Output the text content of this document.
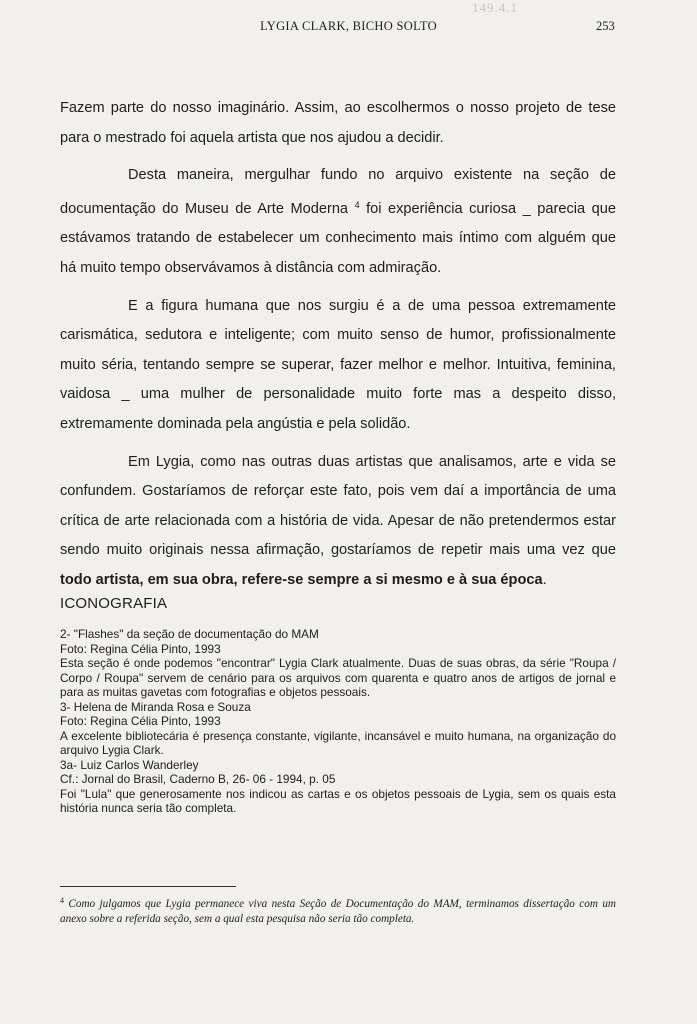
149.4.1
LYGIA CLARK, BICHO SOLTO	253

Fazem parte do nosso imaginário. Assim, ao escolhermos o nosso projeto de tese para o mestrado foi aquela artista que nos ajudou a decidir.

Desta maneira, mergulhar fundo no arquivo existente na seção de documentação do Museu de Arte Moderna $^4$ foi experiência curiosa _ parecia que estávamos tratando de estabelecer um conhecimento mais íntimo com alguém que há muito tempo observávamos à distância com admiração.

E a figura humana que nos surgiu é a de uma pessoa extremamente carismática, sedutora e inteligente; com muito senso de humor, profissionalmente muito séria, tentando sempre se superar, fazer melhor e melhor. Intuitiva, feminina, vaidosa _ uma mulher de personalidade muito forte mas a despeito disso, extremamente dominada pela angústia e pela solidão.

Em Lygia, como nas outras duas artistas que analisamos, arte e vida se confundem. Gostaríamos de reforçar este fato, pois vem daí a importância de uma crítica de arte relacionada com a história de vida. Apesar de não pretendermos estar sendo muito originais nessa afirmação, gostaríamos de repetir mais uma vez que todo artista, em sua obra, refere-se sempre a si mesmo e à sua época.

ICONOGRAFIA
2- "Flashes" da seção de documentação do MAM
Foto: Regina Célia Pinto, 1993
Esta seção é onde podemos "encontrar" Lygia Clark atualmente. Duas de suas obras, da série "Roupa / Corpo / Roupa" servem de cenário para os arquivos com quarenta e quatro anos de artigos de jornal e para as muitas gavetas com fotografias e objetos pessoais.
3- Helena de Miranda Rosa e Souza
Foto: Regina Célia Pinto, 1993
A excelente bibliotecária é presença constante, vigilante, incansável e muito humana, na organização do arquivo Lygia Clark.
3a- Luiz Carlos Wanderley
Cf.: Jornal do Brasil, Caderno B, 26- 06 - 1994, p. 05
Foi "Lula" que generosamente nos indicou as cartas e os objetos pessoais de Lygia, sem os quais esta história nunca seria tão completa.
$^4$ Como julgamos que Lygia permanece viva nesta Seção de Documentação do MAM, terminamos dissertação com um anexo sobre a referida seção, sem a qual esta pesquisa não seria tão completa.
